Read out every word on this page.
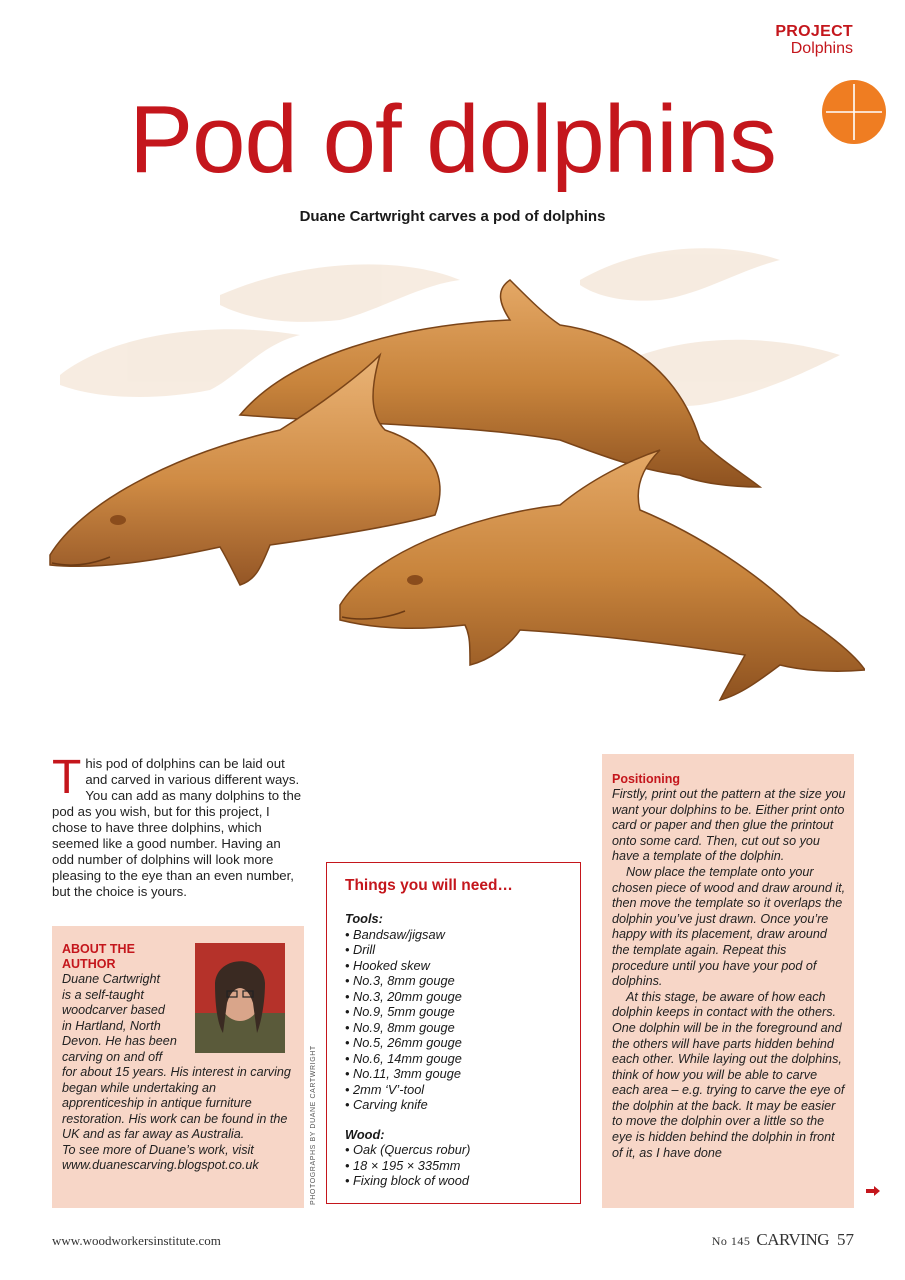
PROJECT
Dolphins
Pod of dolphins
Duane Cartwright carves a pod of dolphins
This pod of dolphins can be laid out and carved in various different ways. You can add as many dolphins to the pod as you wish, but for this project, I chose to have three dolphins, which seemed like a good number. Having an odd number of dolphins will look more pleasing to the eye than an even number, but the choice is yours.
ABOUT THE AUTHOR
Duane Cartwright
is a self-taught
woodcarver based
in Hartland, North
Devon. He has been
carving on and off
for about 15 years. His interest in carving began while undertaking an apprenticeship in antique furniture restoration. His work can be found in the UK and as far away as Australia.
To see more of Duane’s work, visit www.duanescarving.blogspot.co.uk	PHOTOGRAPHS BY DUANE CARTWRIGHT
Things you will need…
Tools:
• Bandsaw/jigsaw
• Drill
• Hooked skew
• No.3, 8mm gouge
• No.3, 20mm gouge
• No.9, 5mm gouge
• No.9, 8mm gouge
• No.5, 26mm gouge
• No.6, 14mm gouge
• No.11, 3mm gouge
• 2mm ‘V’-tool
• Carving knife
Wood:
• Oak (Quercus robur)
• 18 × 195 × 335mm
• Fixing block of wood
Positioning

Firstly, print out the pattern at the size you want your dolphins to be. Either print onto card or paper and then glue the printout onto some card. Then, cut out so you have a template of the dolphin.

Now place the template onto your chosen piece of wood and draw around it, then move the template so it overlaps the dolphin you’ve just drawn. Once you’re happy with its placement, draw around the template again. Repeat this procedure until you have your pod of dolphins.

At this stage, be aware of how each dolphin keeps in contact with the others. One dolphin will be in the foreground and the others will have parts hidden behind each other. While laying out the dolphins, think of how you will be able to carve each area – e.g. trying to carve the eye of the dolphin at the back. It may be easier to move the dolphin over a little so the eye is hidden behind the dolphin in front of it, as I have done

www.woodworkersinstitute.com	No 145 CARVING 57
